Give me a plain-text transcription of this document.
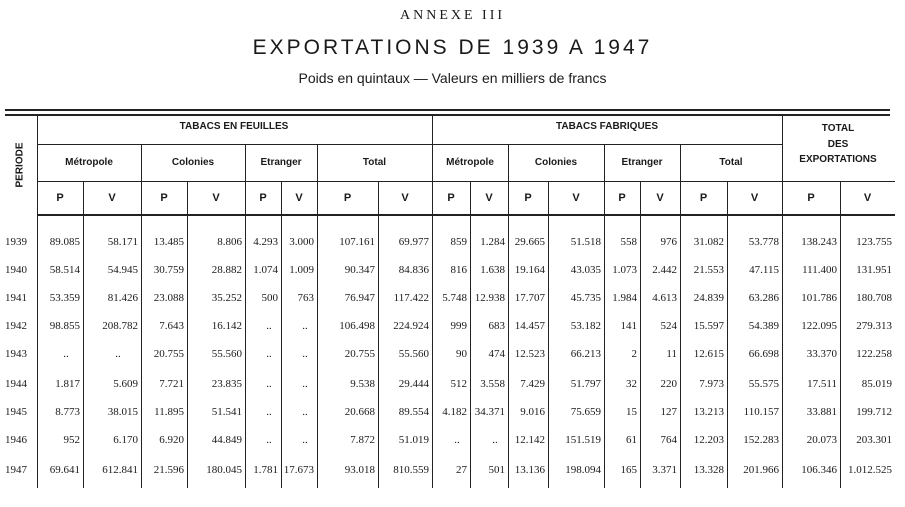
ANNEXE III
EXPORTATIONS DE 1939 A 1947
Poids en quintaux — Valeurs en milliers de francs
PERIODE
TABACS EN FEUILLES	TABACS FABRIQUES	TOTAL
DES
EXPORTATIONS
Métropole	Colonies	Etranger	Total	Métropole	Colonies	Etranger	Total
P	V	P	V	P	V	P	V	P	V	P	V	P	V	P	V	P	V
1939 89.085	58.171 13.485	8.806 4.293 3.000 107.161 69.977 859 1.284 29.665 51.518 558 976 31.082 53.778 138.243 123.755
1940 58.514	54.945 30.759	28.882 1.074 1.009	90.347 84.836 816 1.638 19.164 43.035 1.073 2.442 21.553 47.115 111.400 131.951
1941 53.359	81.426 23.088	35.252 500 763	76.947 117.422 5.748 12.938 17.707 45.735 1.984 4.613 24.839 63.286 101.786 180.708
1942 98.855 208.782 7.643	16.142 ..	..	106.498 224.924 999 683 14.457 53.182 141 524 15.597 54.389 122.095 279.313
1943	..	..	20.755	55.560 ..	..	20.755 55.560 90 474 12.523 66.213	2	11 12.615 66.698	33.370 122.258
1944	1.817	5.609 7.721	23.835 ..	..	9.538 29.444 512 3.558 7.429 51.797 32 220 7.973 55.575	17.511 85.019
1945	8.773	38.015 11.895	51.541 ..	..	20.668 89.554 4.182 34.371 9.016 75.659 15 127 13.213 110.157	33.881 199.712
1946	952	6.170 6.920	44.849 ..	..	7.872 51.019 ..	.. 12.142 151.519 61 764 12.203 152.283	20.073 203.301
1947 69.641 612.841 21.596 180.045 1.781 17.673	93.018 810.559 27 501 13.136 198.094 165 3.371 13.328 201.966 106.346 1.012.525
